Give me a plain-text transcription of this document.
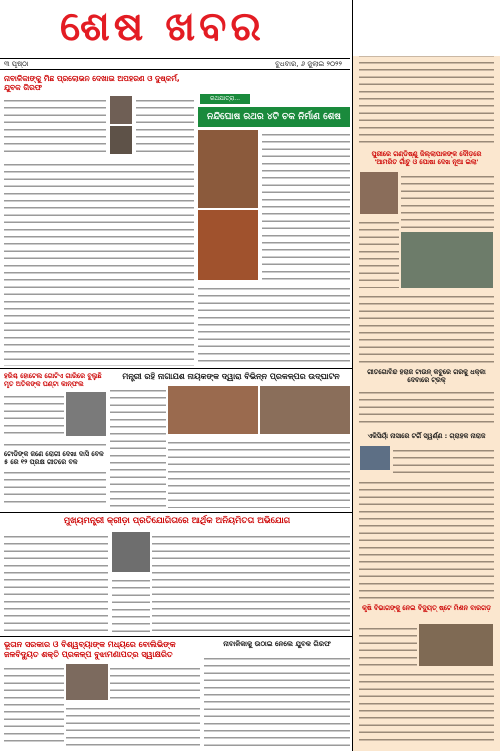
ପୁରୀରେ ଗଣ୍ଡିଷ୍ଣୁ ଜିଲ୍ଲାପାଳଙ୍କ ଦୌଡ଼ରେ 'ଆମରିତ ଗାଁଚୁ ଓ ପୋଷା ଦେଖ ନୂଆ ଇଲା'
ଗୀତଗୋବିନ୍ଦ ହରାଜ ଟାଉନ୍ କବୁରେ ଗରକୁ ଧକ୍କା ଦେବାରେ ଟ୍ରକ୍
ଏକିସିୟାଁ ନାସାରେ ଟର୍ଗି ସ୍ୱର୍ଣ୍ଣ : ଗ୍ରାହକ ନାରାଜ
କୃଷି ବିଭାଗଙ୍କୁ ନେଇ ବିଦ୍ୟୁତ୍ ଷ୍ଟେ ମିଶନ ବାରଗଡ଼
ଶେଷ ଖବର
୩ ପୃଷ୍ଠା	ବୁଧବାର, ୬ ଜୁଲାଇ ୨୦୨୨
ନାବାଳିକାଙ୍କୁ ମିଛ ପ୍ରଲୋଭନ ଦେଖାଇ ଅପହରଣ ଓ ଦୁଷ୍କର୍ମ, ଯୁବକ ଗିରଫ
ରଥଯାତ୍ରା...
ନନ୍ଦିଘୋଷ ରଥର ୪ଟି ଚକ ନିର୍ମାଣ ଶେଷ
ହରିଶ୍ଚ ହୋଟେଲ ଗୋଟିଏ ଗାରିରେ ବୁଲୁଛି ମୃତ ଅତିକଙ୍କ ଘଣ୍ଟା କାନ୍‌ଫଲ
ଟୋଡିଙ୍କ ଜଣେ ରୋଗୀ ଦେଖା ଦାସି ବେଳ ୫ ରେ ୧୨ ପ୍ରକ୍ଷ ଗୀତରେ ବଳ
ମନ୍ତ୍ରୀ ରହି ନାଗାଯଶ ନାୟକଙ୍କ ଦ୍ୱାରା ବିଭିନ୍ନ ପ୍ରକଳ୍ପର ଉଦ୍‌ଘାଟନ
ମୁଖ୍ୟମନ୍ତ୍ରୀ କ୍ରୀଡ଼ା ପ୍ରତିଯୋଗିତାରେ ଆର୍ଥିକ ଅନିୟମିତତା ଅଭିଯୋଗ
ଭୂତାନ ସରକାର ଓ ବିଶ୍ୱବ୍ୟାଙ୍କ ମଧ୍ୟରେ ବୋଲିଭିଙ୍କ ଜଳବିଦ୍ୟୁତ ଶକ୍ତି ପ୍ରକଳ୍ପ ବୁଝାମଣାପତ୍ର ସ୍ୱାକ୍ଷରିତ
ନାବାଳିକାକୁ ଉଠାଇ ନେଲେ ଯୁବକ ଗିରଫ
